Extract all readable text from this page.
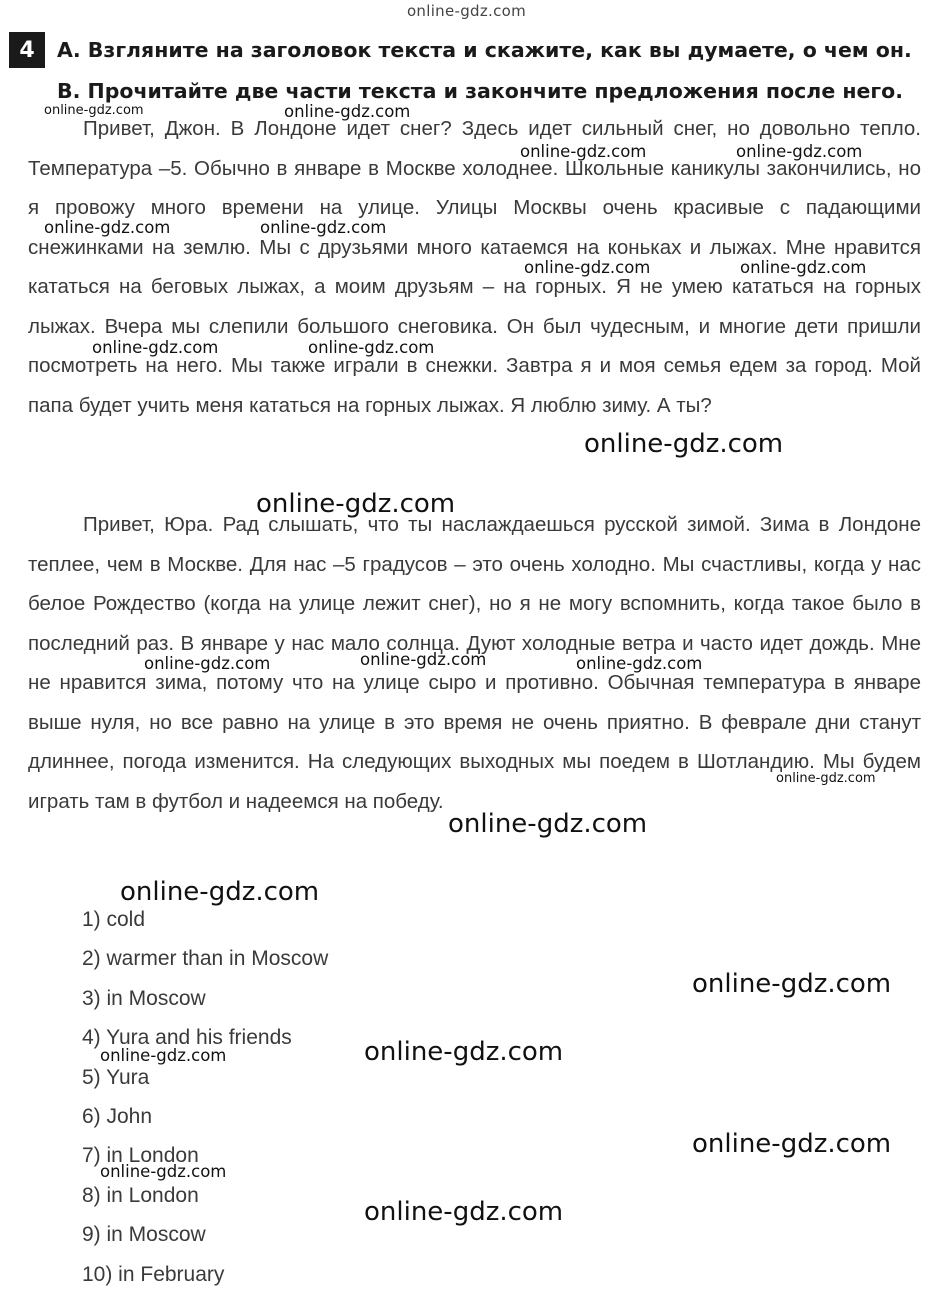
online-gdz.com
4	А. Взгляните на заголовок текста и скажите, как вы думаете, о чем он.
В. Прочитайте две части текста и закончите предложения после него.

Привет, Джон. В Лондоне идет снег? Здесь идет сильный снег, но довольно тепло. Температура –5. Обычно в январе в Москве холоднее. Школьные каникулы закончились, но я провожу много времени на улице. Улицы Москвы очень красивые с падающими снежинками на землю. Мы с друзьями много катаемся на коньках и лыжах. Мне нравится кататься на беговых лыжах, а моим друзьям – на горных. Я не умею кататься на горных лыжах. Вчера мы слепили большого снеговика. Он был чудесным, и многие дети пришли посмотреть на него. Мы также играли в снежки. Завтра я и моя семья едем за город. Мой папа будет учить меня кататься на горных лыжах. Я люблю зиму. А ты?

Привет, Юра. Рад слышать, что ты наслаждаешься русской зимой. Зима в Лондоне теплее, чем в Москве. Для нас –5 градусов – это очень холодно. Мы счастливы, когда у нас белое Рождество (когда на улице лежит снег), но я не могу вспомнить, когда такое было в последний раз. В январе у нас мало солнца. Дуют холодные ветра и часто идет дождь. Мне не нравится зима, потому что на улице сыро и противно. Обычная температура в январе выше нуля, но все равно на улице в это время не очень приятно. В феврале дни станут длиннее, погода изменится. На следующих выходных мы поедем в Шотландию. Мы будем играть там в футбол и надеемся на победу.

1) cold
2) warmer than in Moscow
3) in Moscow
4) Yura and his friends
5) Yura
6) John
7) in London
8) in London
9) in Moscow
10) in February
online-gdz.com	online-gdz.com
online-gdz.com	online-gdz.com
online-gdz.com	online-gdz.com
online-gdz.com	online-gdz.com
online-gdz.com	online-gdz.com
online-gdz.com
online-gdz.com
online-gdz.com	online-gdz.com	online-gdz.com
online-gdz.com
online-gdz.com
online-gdz.com
online-gdz.com
online-gdz.com
online-gdz.com
online-gdz.com
online-gdz.com
online-gdz.com
